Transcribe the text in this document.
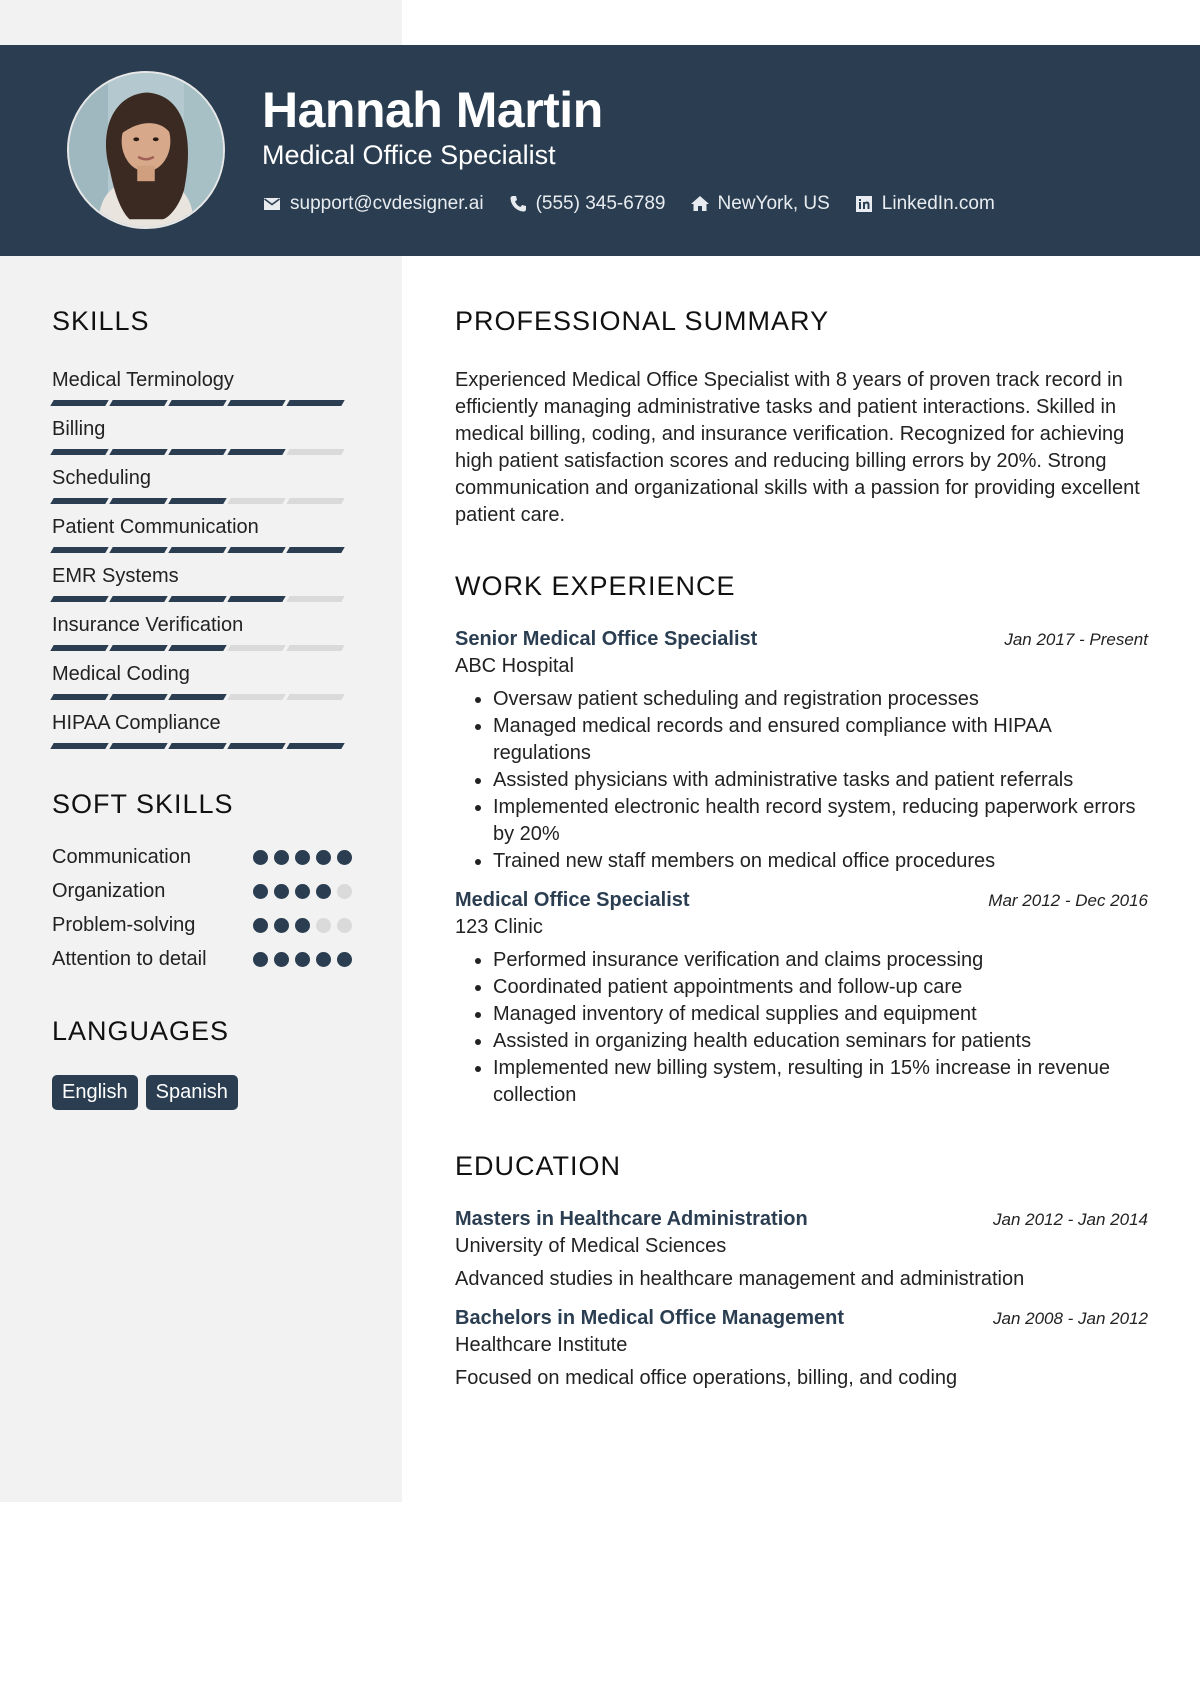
Hannah Martin
Medical Office Specialist
support@cvdesigner.ai	(555) 345-6789	NewYork, US	LinkedIn.com
SKILLS
Medical Terminology
Billing
Scheduling
Patient Communication
EMR Systems
Insurance Verification
Medical Coding
HIPAA Compliance
SOFT SKILLS
Communication
Organization
Problem-solving
Attention to detail
LANGUAGES
English	Spanish
PROFESSIONAL SUMMARY
Experienced Medical Office Specialist with 8 years of proven track record in efficiently managing administrative tasks and patient interactions. Skilled in medical billing, coding, and insurance verification. Recognized for achieving high patient satisfaction scores and reducing billing errors by 20%. Strong communication and organizational skills with a passion for providing excellent patient care.
WORK EXPERIENCE
Senior Medical Office Specialist	Jan 2017 - Present
ABC Hospital
• Oversaw patient scheduling and registration processes
• Managed medical records and ensured compliance with HIPAA regulations
• Assisted physicians with administrative tasks and patient referrals
• Implemented electronic health record system, reducing paperwork errors by 20%
• Trained new staff members on medical office procedures
Medical Office Specialist	Mar 2012 - Dec 2016
123 Clinic
• Performed insurance verification and claims processing
• Coordinated patient appointments and follow-up care
• Managed inventory of medical supplies and equipment
• Assisted in organizing health education seminars for patients
• Implemented new billing system, resulting in 15% increase in revenue collection
EDUCATION
Masters in Healthcare Administration	Jan 2012 - Jan 2014
University of Medical Sciences
Advanced studies in healthcare management and administration
Bachelors in Medical Office Management	Jan 2008 - Jan 2012
Healthcare Institute
Focused on medical office operations, billing, and coding
